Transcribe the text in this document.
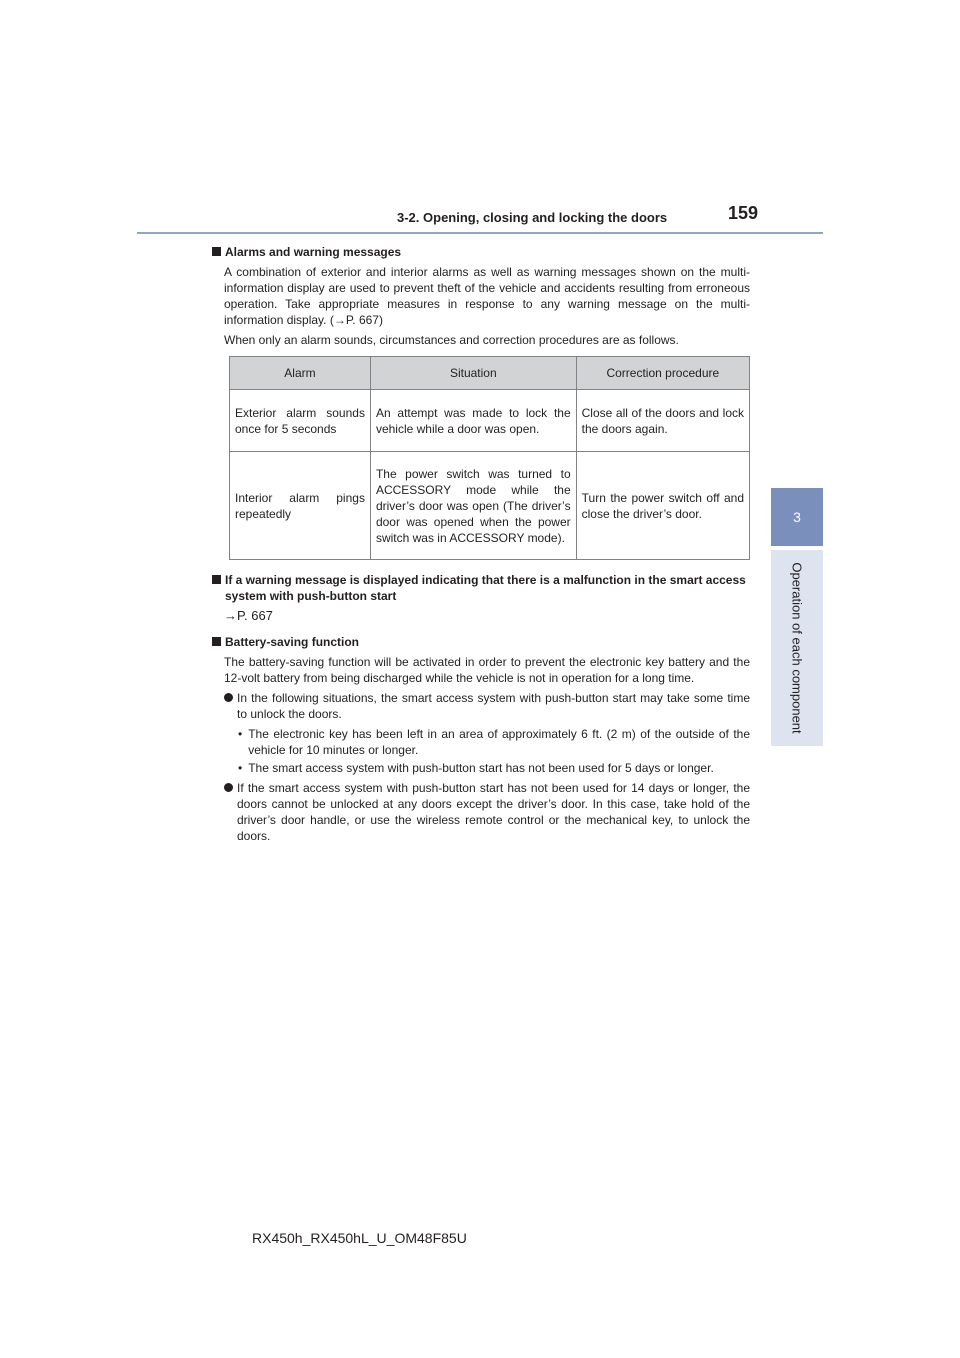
3-2. Opening, closing and locking the doors	159
3
Operation of each component
Alarms and warning messages

A combination of exterior and interior alarms as well as warning messages shown on the multi-information display are used to prevent theft of the vehicle and accidents resulting from erroneous operation. Take appropriate measures in response to any warning message on the multi-information display. (→P. 667)

When only an alarm sounds, circumstances and correction procedures are as follows.

Alarm	Situation	Correction procedure
Exterior alarm sounds once for 5 seconds	An attempt was made to lock the vehicle while a door was open.	Close all of the doors and lock the doors again.
Interior alarm pings repeatedly	The power switch was turned to ACCESSORY mode while the driver’s door was open (The driver’s door was opened when the power switch was in ACCESSORY mode).	Turn the power switch off and close the driver’s door.
If a warning message is displayed indicating that there is a malfunction in the smart access system with push-button start

→P. 667

Battery-saving function

The battery-saving function will be activated in order to prevent the electronic key battery and the 12-volt battery from being discharged while the vehicle is not in operation for a long time.

In the following situations, the smart access system with push-button start may take some time to unlock the doors.
• The electronic key has been left in an area of approximately 6 ft. (2 m) of the outside of the vehicle for 10 minutes or longer.
• The smart access system with push-button start has not been used for 5 days or longer.
If the smart access system with push-button start has not been used for 14 days or longer, the doors cannot be unlocked at any doors except the driver’s door. In this case, take hold of the driver’s door handle, or use the wireless remote control or the mechanical key, to unlock the doors.
RX450h_RX450hL_U_OM48F85U
